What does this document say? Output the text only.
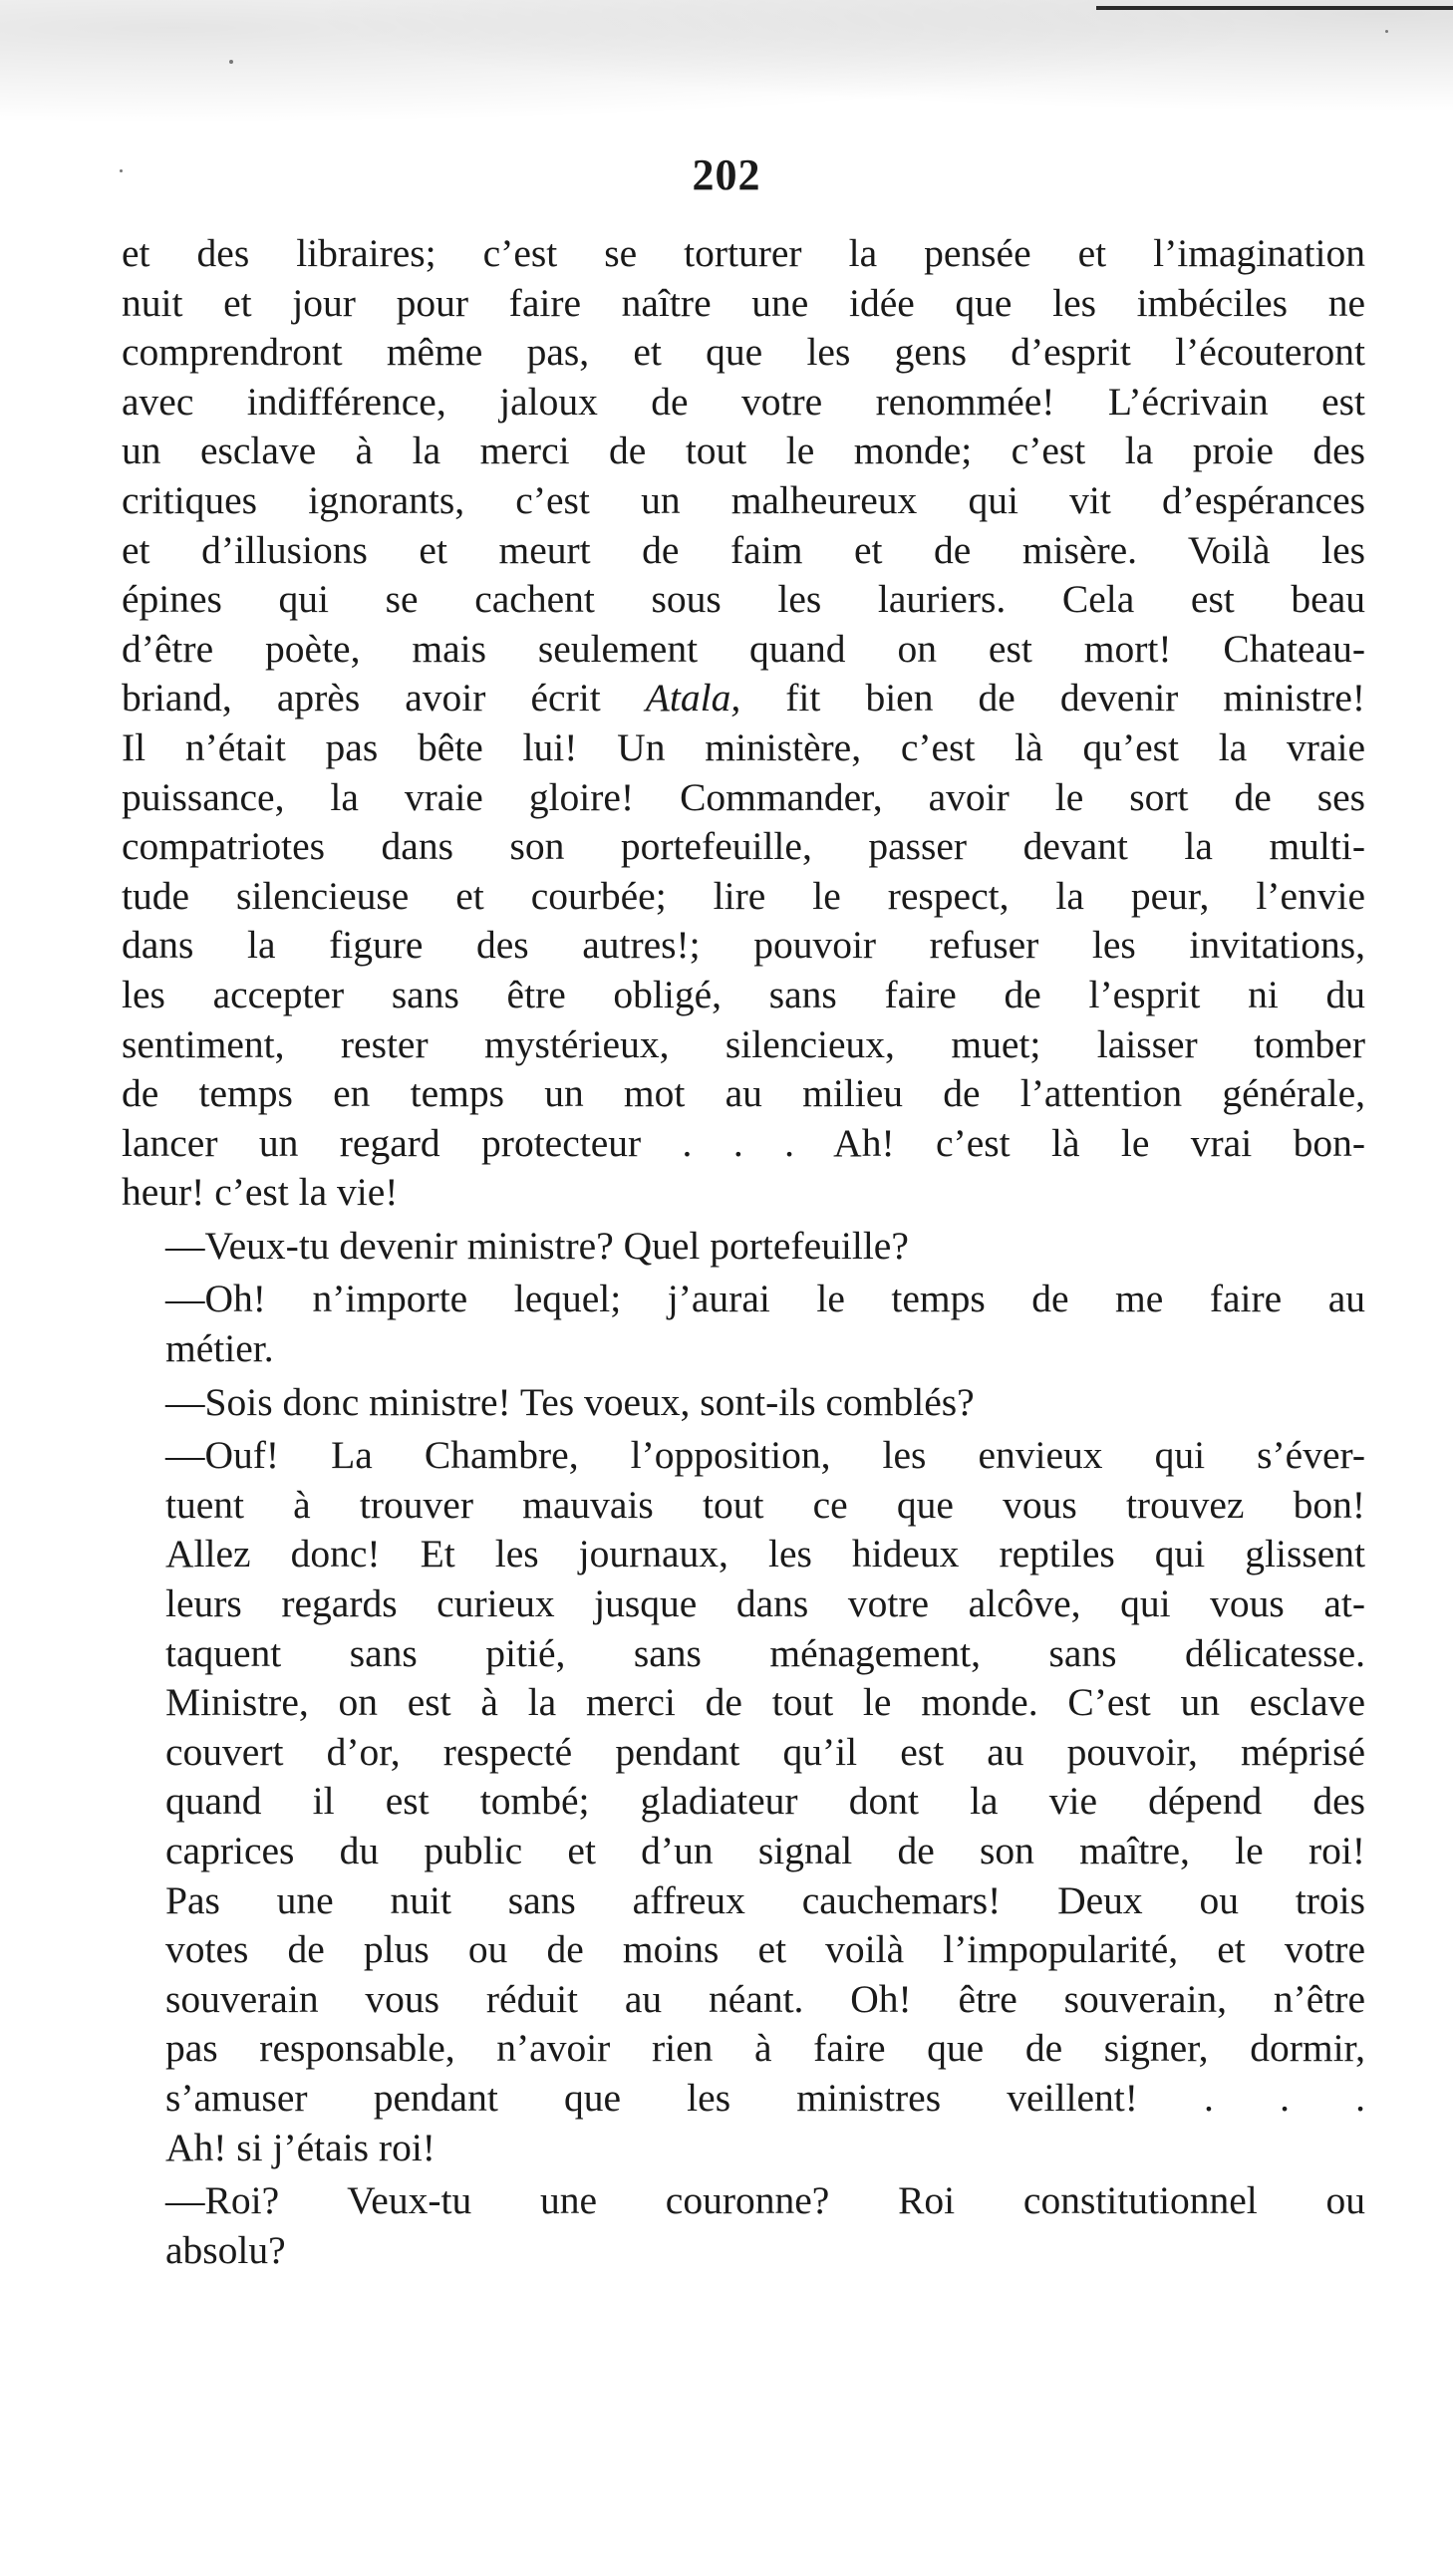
202
et des libraires; c’est se torturer la pensée et l’imagination
nuit et jour pour faire naître une idée que les imbéciles ne
comprendront même pas, et que les gens d’esprit l’écouteront
avec indifférence, jaloux de votre renommée! L’écrivain est
un esclave à la merci de tout le monde; c’est la proie des
critiques ignorants, c’est un malheureux qui vit d’espérances
et d’illusions et meurt de faim et de misère. Voilà les
épines qui se cachent sous les lauriers. Cela est beau
d’être poète, mais seulement quand on est mort! Chateau-
briand, après avoir écrit Atala, fit bien de devenir ministre!
Il n’était pas bête lui! Un ministère, c’est là qu’est la vraie
puissance, la vraie gloire! Commander, avoir le sort de ses
compatriotes dans son portefeuille, passer devant la multi-
tude silencieuse et courbée; lire le respect, la peur, l’envie
dans la figure des autres!; pouvoir refuser les invitations,
les accepter sans être obligé, sans faire de l’esprit ni du
sentiment, rester mystérieux, silencieux, muet; laisser tomber
de temps en temps un mot au milieu de l’attention générale,
lancer un regard protecteur . . . Ah! c’est là le vrai bon-
heur! c’est la vie!
—Veux-tu devenir ministre? Quel portefeuille?
—Oh! n’importe lequel; j’aurai le temps de me faire au
métier.
—Sois donc ministre! Tes voeux, sont-ils comblés?
—Ouf! La Chambre, l’opposition, les envieux qui s’éver-
tuent à trouver mauvais tout ce que vous trouvez bon!
Allez donc! Et les journaux, les hideux reptiles qui glissent
leurs regards curieux jusque dans votre alcôve, qui vous at-
taquent sans pitié, sans ménagement, sans délicatesse.
Ministre, on est à la merci de tout le monde. C’est un esclave
couvert d’or, respecté pendant qu’il est au pouvoir, méprisé
quand il est tombé; gladiateur dont la vie dépend des
caprices du public et d’un signal de son maître, le roi!
Pas une nuit sans affreux cauchemars! Deux ou trois
votes de plus ou de moins et voilà l’impopularité, et votre
souverain vous réduit au néant. Oh! être souverain, n’être
pas responsable, n’avoir rien à faire que de signer, dormir,
s’amuser pendant que les ministres veillent! . . .
Ah! si j’étais roi!
—Roi? Veux-tu une couronne? Roi constitutionnel ou
absolu?
